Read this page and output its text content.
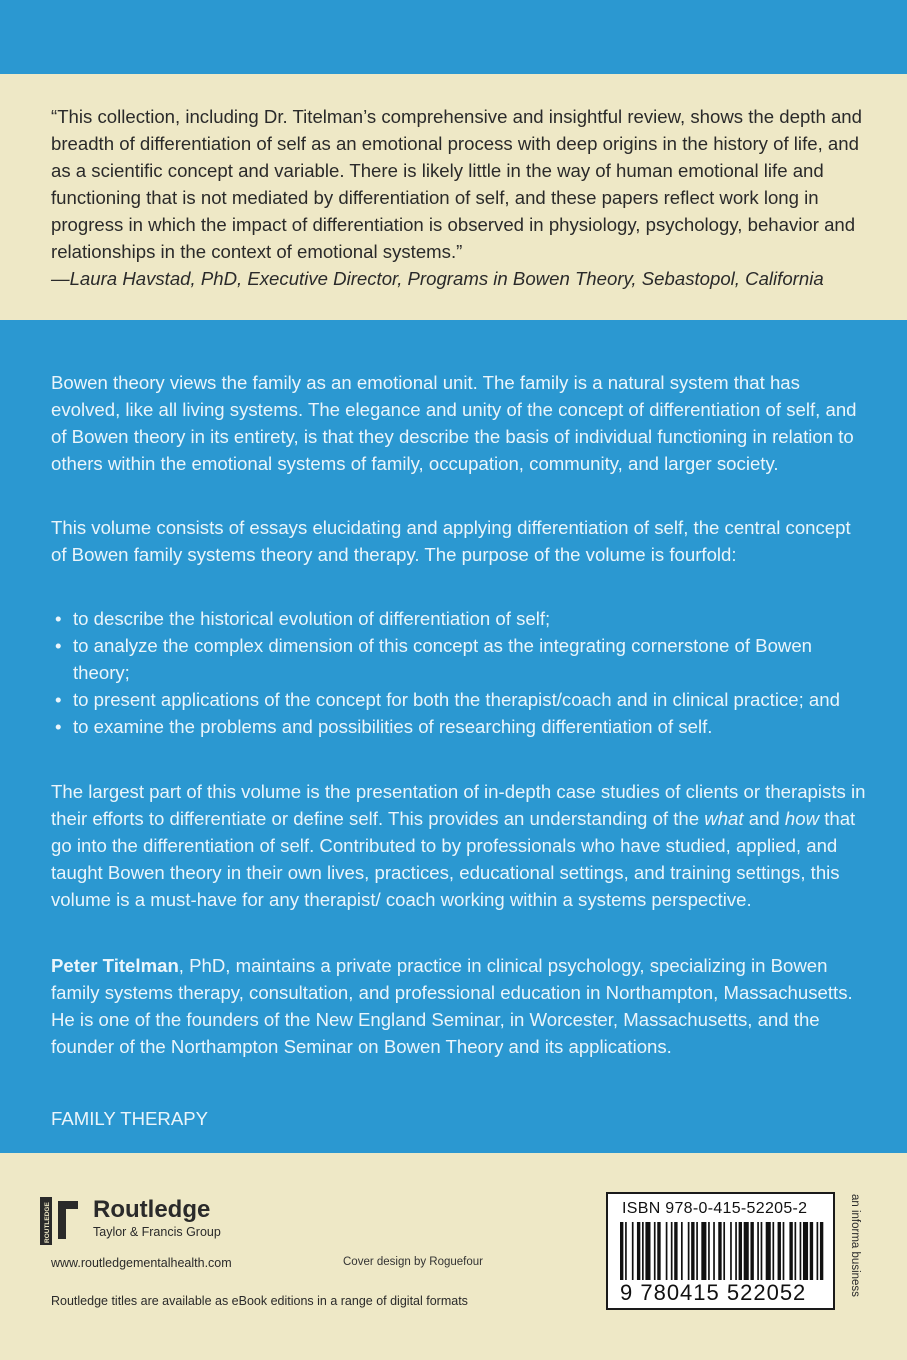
“This collection, including Dr. Titelman’s comprehensive and insightful review, shows the depth and breadth of differentiation of self as an emotional process with deep origins in the history of life, and as a scientific concept and variable. There is likely little in the way of human emotional life and functioning that is not mediated by differentiation of self, and these papers reflect work long in progress in which the impact of differentiation is observed in physiology, psychology, behavior and relationships in the context of emotional systems.”
—Laura Havstad, PhD, Executive Director, Programs in Bowen Theory, Sebastopol, California
Bowen theory views the family as an emotional unit. The family is a natural system that has evolved, like all living systems. The elegance and unity of the concept of differentiation of self, and of Bowen theory in its entirety, is that they describe the basis of individual functioning in relation to others within the emotional systems of family, occupation, community, and larger society.
This volume consists of essays elucidating and applying differentiation of self, the central concept of Bowen family systems theory and therapy. The purpose of the volume is fourfold:
• to describe the historical evolution of differentiation of self;
• to analyze the complex dimension of this concept as the integrating cornerstone of Bowen theory;
• to present applications of the concept for both the therapist/coach and in clinical practice; and
• to examine the problems and possibilities of researching differentiation of self.
The largest part of this volume is the presentation of in-depth case studies of clients or therapists in their efforts to differentiate or define self. This provides an understanding of the what and how that go into the differentiation of self. Contributed to by professionals who have studied, applied, and taught Bowen theory in their own lives, practices, educational settings, and training settings, this volume is a must-have for any therapist/ coach working within a systems perspective.
Peter Titelman, PhD, maintains a private practice in clinical psychology, specializing in Bowen family systems therapy, consultation, and professional education in Northampton, Massachusetts. He is one of the founders of the New England Seminar, in Worcester, Massachusetts, and the founder of the Northampton Seminar on Bowen Theory and its applications.
FAMILY THERAPY
ROUTLEDGE Routledge
Taylor & Francis Group
www.routledgementalhealth.com	Cover design by Roguefour
Routledge titles are available as eBook editions in a range of digital formats
ISBN 978-0-415-52205-2
9 780415 522052	an informa business
